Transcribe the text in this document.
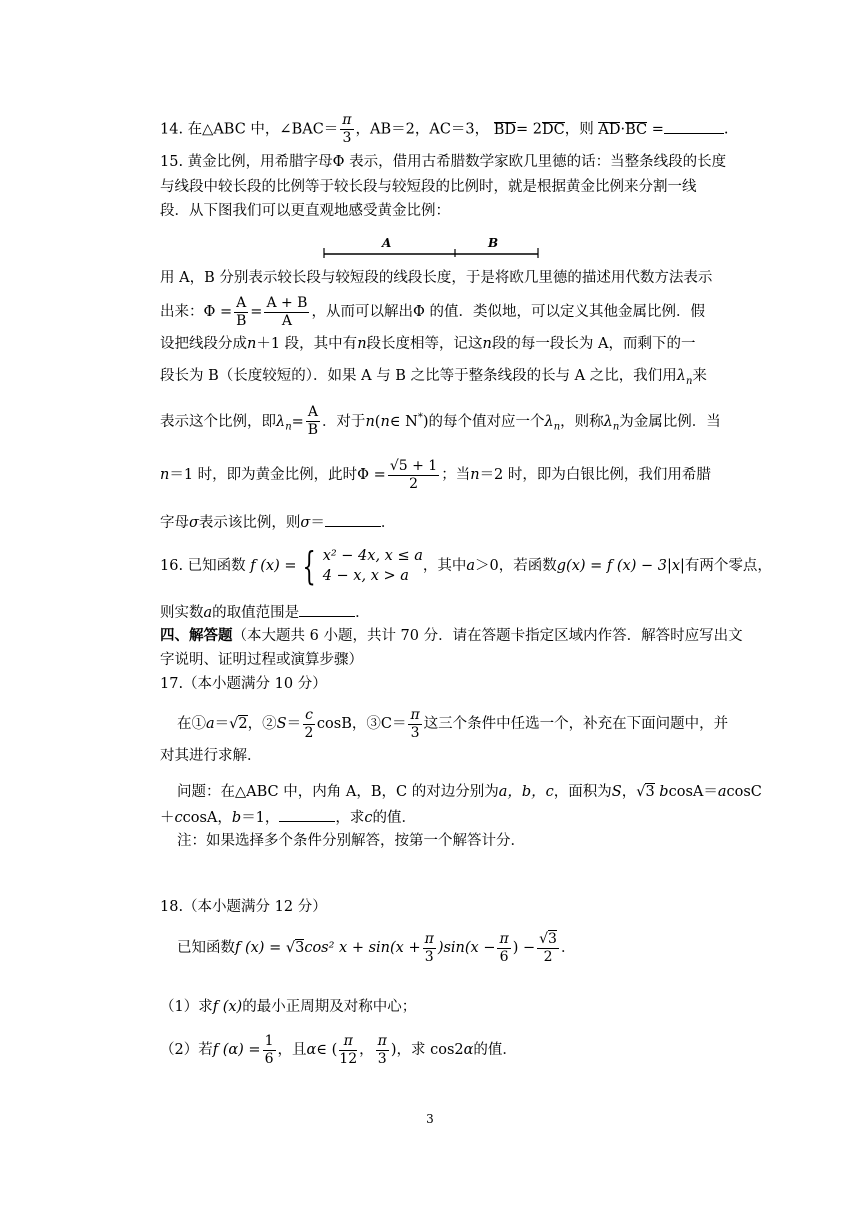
14. 在△ABC 中，∠BAC＝ $\frac{\pi}{3}$ ，AB＝2，AC＝3， BD= 2DC，则 AD·BC =	.
15. 黄金比例，用希腊字母Φ 表示，借用古希腊数学家欧几里德的话：当整条线段的长度
与线段中较长段的比例等于较长段与较短段的比例时，就是根据黄金比例来分割一线
段．从下图我们可以更直观地感受黄金比例：
A	B
用 A，B 分别表示较长段与较短段的线段长度，于是将欧几里德的描述用代数方法表示
出来：$\Phi = \frac{A}{B} = \frac{A + B}{A}$ ，从而可以解出Φ 的值．类似地，可以定义其他金属比例．假
设把线段分成n＋1 段，其中有n段长度相等，记这n段的每一段长为 A，而剩下的一
段长为 B（长度较短的）．如果 A 与 B 之比等于整条线段的长与 A 之比，我们用$\lambda_n$来
表示这个比例，即$\lambda_n= \frac{A}{B}$ ．对于n(n∈ N*)的每个值对应一个$\lambda_n$，则称$\lambda_n$为金属比例．当
n＝1 时，即为黄金比例，此时$\Phi = \frac{√5 + 1}{2}$ ；当n＝2 时，即为白银比例，我们用希腊
字母σ表示该比例，则σ＝	．
16. 已知函数 f (x) = { x² − 4x, x ≤ a
4 − x, x > a
，其中a＞0，若函数g(x) = f (x) − 3|x|有两个零点，
则实数a的取值范围是	．
四、解答题（本大题共 6 小题，共计 70 分．请在答题卡指定区域内作答．解答时应写出文
字说明、证明过程或演算步骤）
17.（本小题满分 10 分）
在①a＝√2，②S＝ $\frac{c}{2}$ cosB，③C＝ $\frac{\pi}{3}$ 这三个条件中任选一个，补充在下面问题中，并
对其进行求解．
问题：在△ABC 中，内角 A，B，C 的对边分别为a，b，c，面积为S，√3 bcosA＝acosC
＋ccosA，b＝1，	，求c的值．
注：如果选择多个条件分别解答，按第一个解答计分．
18.（本小题满分 12 分）
已知函数f (x) = √3cos² $x + \sin(x + \frac{\pi}{3} )\sin(x - \frac{\pi}{6}$ ) − $\frac{√3}{2}$ ．
（1）求f (x)的最小正周期及对称中心；
（2）若f $(\alpha) = \frac{1}{6}$ ，且α∈ ( $\frac{\pi}{12}$ ， $\frac{\pi}{3}$ )，求 cos2α的值．
3
